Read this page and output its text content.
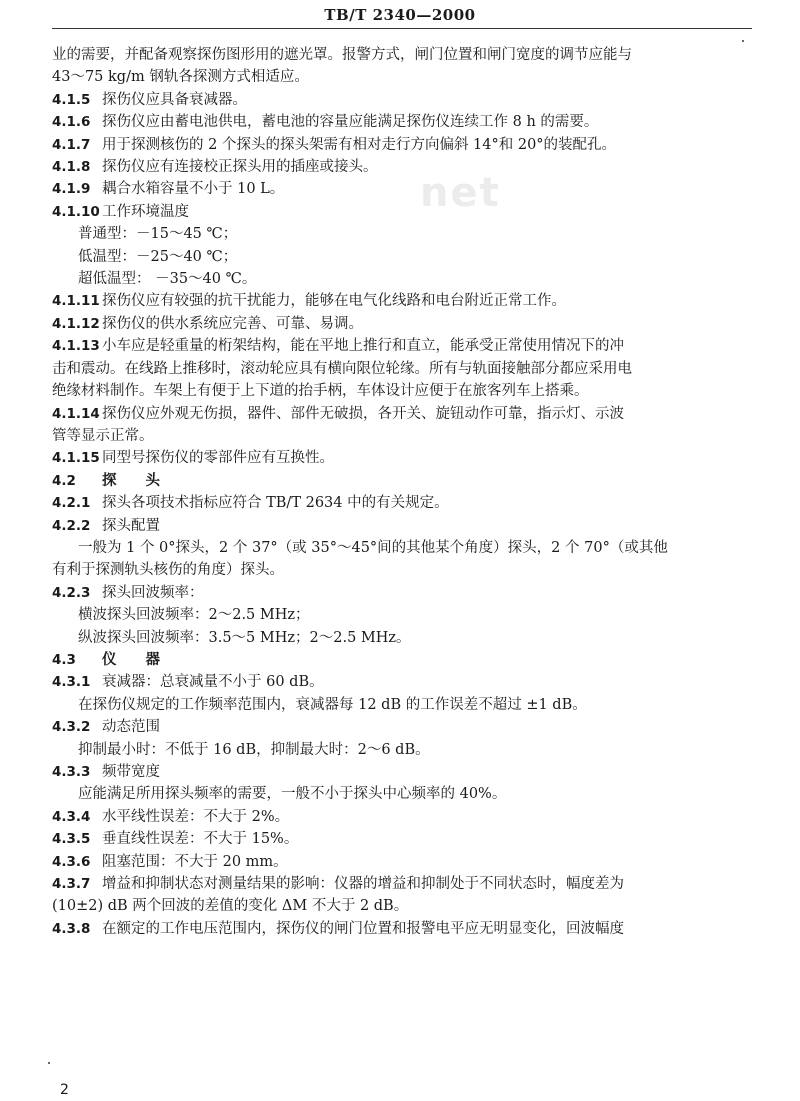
TB/T 2340—2000
net
业的需要，并配备观察探伤图形用的遮光罩。报警方式，闸门位置和闸门宽度的调节应能与
43～75 kg/m 钢轨各探测方式相适应。
4.1.5 探伤仪应具备衰减器。
4.1.6 探伤仪应由蓄电池供电，蓄电池的容量应能满足探伤仪连续工作 8 h 的需要。
4.1.7 用于探测核伤的 2 个探头的探头架需有相对走行方向偏斜 14°和 20°的装配孔。
4.1.8 探伤仪应有连接校正探头用的插座或接头。
4.1.9 耦合水箱容量不小于 10 L。
4.1.10 工作环境温度
普通型：－15～45 ℃；
低温型：－25～40 ℃；
超低温型： －35～40 ℃。
4.1.11 探伤仪应有较强的抗干扰能力，能够在电气化线路和电台附近正常工作。
4.1.12 探伤仪的供水系统应完善、可靠、易调。
4.1.13 小车应是轻重量的桁架结构，能在平地上推行和直立，能承受正常使用情况下的冲
击和震动。在线路上推移时，滚动轮应具有横向限位轮缘。所有与轨面接触部分都应采用电
绝缘材料制作。车架上有便于上下道的抬手柄，车体设计应便于在旅客列车上搭乘。
4.1.14 探伤仪应外观无伤损，器件、部件无破损，各开关、旋钮动作可靠，指示灯、示波
管等显示正常。
4.1.15 同型号探伤仪的零部件应有互换性。
4.2 探　　头
4.2.1 探头各项技术指标应符合 TB/T 2634 中的有关规定。
4.2.2 探头配置
一般为 1 个 0°探头，2 个 37°（或 35°～45°间的其他某个角度）探头，2 个 70°（或其他
有利于探测轨头核伤的角度）探头。
4.2.3 探头回波频率：
横波探头回波频率：2～2.5 MHz；
纵波探头回波频率：3.5～5 MHz；2～2.5 MHz。
4.3 仪　　器
4.3.1 衰减器：总衰减量不小于 60 dB。
在探伤仪规定的工作频率范围内，衰减器每 12 dB 的工作误差不超过 ±1 dB。
4.3.2 动态范围
抑制最小时：不低于 16 dB，抑制最大时：2～6 dB。
4.3.3 频带宽度
应能满足所用探头频率的需要，一般不小于探头中心频率的 40%。
4.3.4 水平线性误差：不大于 2%。
4.3.5 垂直线性误差：不大于 15%。
4.3.6 阻塞范围：不大于 20 mm。
4.3.7 增益和抑制状态对测量结果的影响：仪器的增益和抑制处于不同状态时，幅度差为
(10±2) dB 两个回波的差值的变化 ΔM 不大于 2 dB。
4.3.8 在额定的工作电压范围内，探伤仪的闸门位置和报警电平应无明显变化，回波幅度
2
